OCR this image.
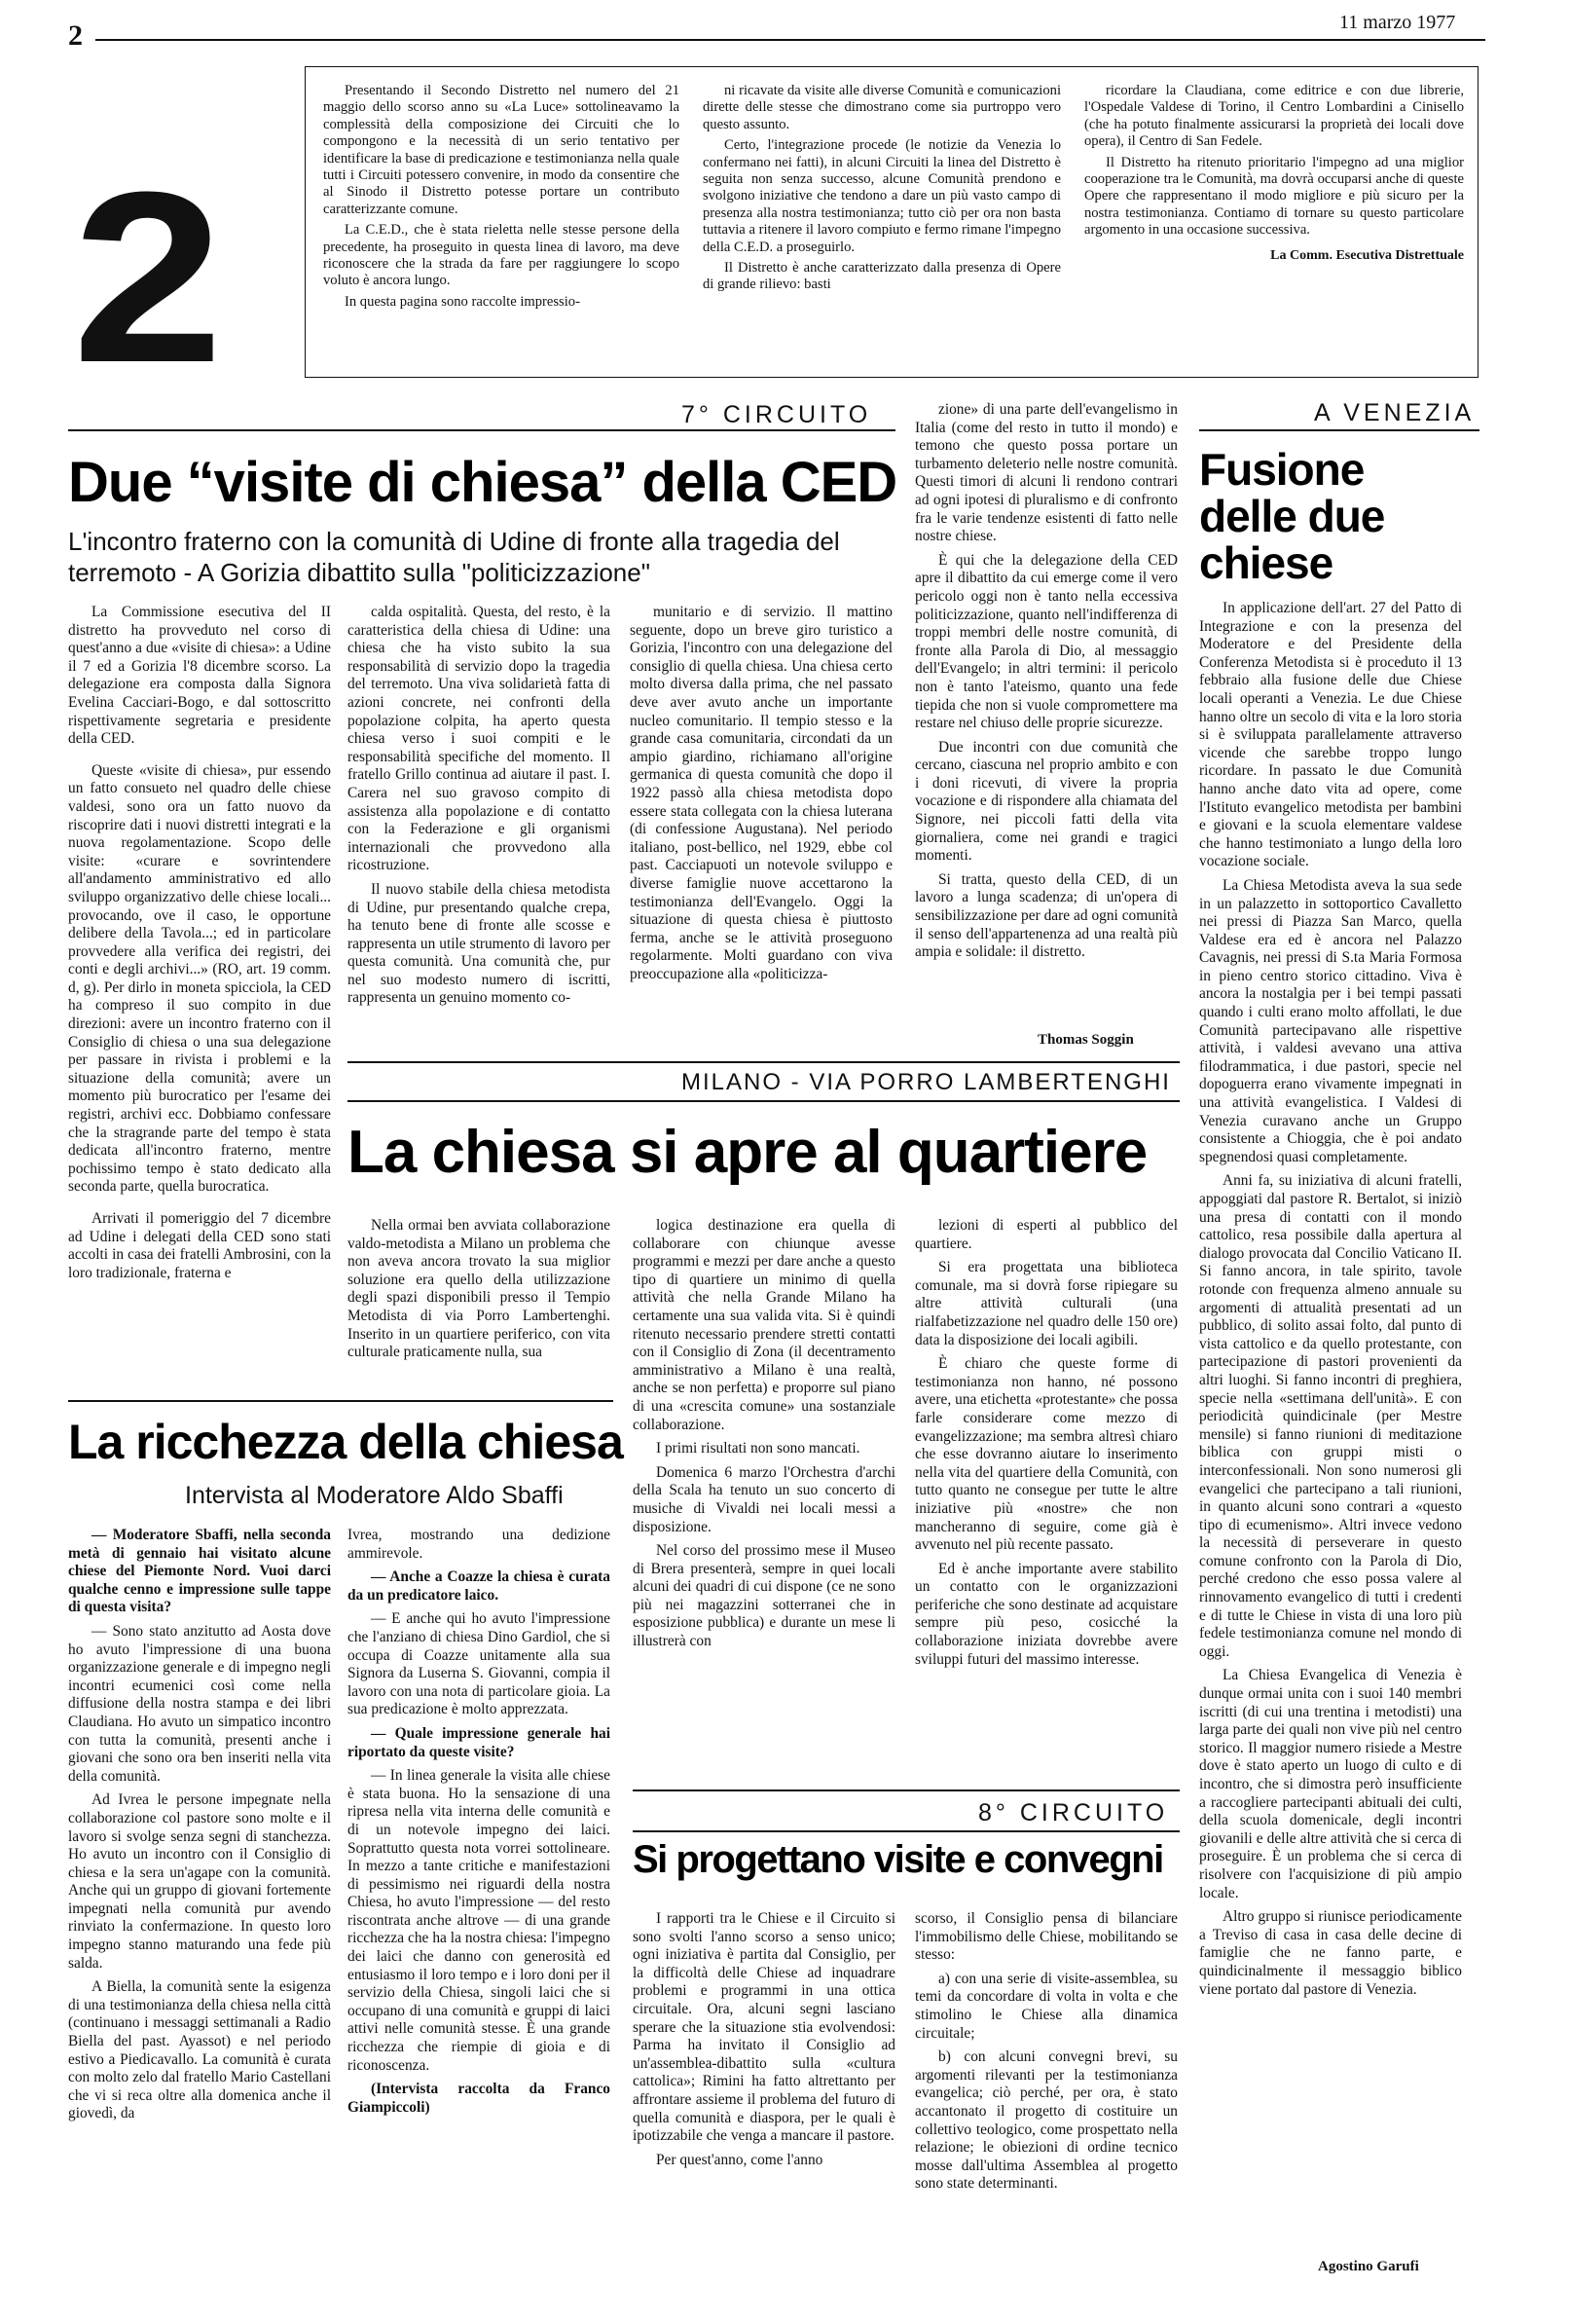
2	11 marzo 1977
2

Presentando il Secondo Distretto nel numero del 21 maggio dello scorso anno su «La Luce» sottolineavamo la complessità della composizione dei Circuiti che lo compongono e la necessità di un serio tentativo per identificare la base di predicazione e testimonianza nella quale tutti i Circuiti potessero convenire, in modo da consentire che al Sinodo il Distretto potesse portare un contributo caratterizzante comune.

La C.E.D., che è stata rieletta nelle stesse persone della precedente, ha proseguito in questa linea di lavoro, ma deve riconoscere che la strada da fare per raggiungere lo scopo voluto è ancora lungo.

In questa pagina sono raccolte impressio-

ni ricavate da visite alle diverse Comunità e comunicazioni dirette delle stesse che dimostrano come sia purtroppo vero questo assunto.

Certo, l'integrazione procede (le notizie da Venezia lo confermano nei fatti), in alcuni Circuiti la linea del Distretto è seguita non senza successo, alcune Comunità prendono e svolgono iniziative che tendono a dare un più vasto campo di presenza alla nostra testimonianza; tutto ciò per ora non basta tuttavia a ritenere il lavoro compiuto e fermo rimane l'impegno della C.E.D. a proseguirlo.

Il Distretto è anche caratterizzato dalla presenza di Opere di grande rilievo: basti

ricordare la Claudiana, come editrice e con due librerie, l'Ospedale Valdese di Torino, il Centro Lombardini a Cinisello (che ha potuto finalmente assicurarsi la proprietà dei locali dove opera), il Centro di San Fedele.

Il Distretto ha ritenuto prioritario l'impegno ad una miglior cooperazione tra le Comunità, ma dovrà occuparsi anche di queste Opere che rappresentano il modo migliore e più sicuro per la nostra testimonianza. Contiamo di tornare su questo particolare argomento in una occasione successiva.

La Comm. Esecutiva Distrettuale
7° CIRCUITO
Due “visite di chiesa” della CED
L'incontro fraterno con la comunità di Udine di fronte alla tragedia del terremoto - A Gorizia dibattito sulla "politicizzazione"

La Commissione esecutiva del II distretto ha provveduto nel corso di quest'anno a due «visite di chiesa»: a Udine il 7 ed a Gorizia l'8 dicembre scorso. La delegazione era composta dalla Signora Evelina Cacciari-Bogo, e dal sottoscritto rispettivamente segretaria e presidente della CED.

Queste «visite di chiesa», pur essendo un fatto consueto nel quadro delle chiese valdesi, sono ora un fatto nuovo da riscoprire dati i nuovi distretti integrati e la nuova regolamentazione. Scopo delle visite: «curare e sovrintendere all'andamento amministrativo ed allo sviluppo organizzativo delle chiese locali... provocando, ove il caso, le opportune delibere della Tavola...; ed in particolare provvedere alla verifica dei registri, dei conti e degli archivi...» (RO, art. 19 comm. d, g). Per dirlo in moneta spicciola, la CED ha compreso il suo compito in due direzioni: avere un incontro fraterno con il Consiglio di chiesa o una sua delegazione per passare in rivista i problemi e la situazione della comunità; avere un momento più burocratico per l'esame dei registri, archivi ecc. Dobbiamo confessare che la stragrande parte del tempo è stata dedicata all'incontro fraterno, mentre pochissimo tempo è stato dedicato alla seconda parte, quella burocratica.

Arrivati il pomeriggio del 7 dicembre ad Udine i delegati della CED sono stati accolti in casa dei fratelli Ambrosini, con la loro tradizionale, fraterna e

calda ospitalità. Questa, del resto, è la caratteristica della chiesa di Udine: una chiesa che ha visto subito la sua responsabilità di servizio dopo la tragedia del terremoto. Una viva solidarietà fatta di azioni concrete, nei confronti della popolazione colpita, ha aperto questa chiesa verso i suoi compiti e le responsabilità specifiche del momento. Il fratello Grillo continua ad aiutare il past. I. Carera nel suo gravoso compito di assistenza alla popolazione e di contatto con la Federazione e gli organismi internazionali che provvedono alla ricostruzione.

Il nuovo stabile della chiesa metodista di Udine, pur presentando qualche crepa, ha tenuto bene di fronte alle scosse e rappresenta un utile strumento di lavoro per questa comunità. Una comunità che, pur nel suo modesto numero di iscritti, rappresenta un genuino momento co-

munitario e di servizio. Il mattino seguente, dopo un breve giro turistico a Gorizia, l'incontro con una delegazione del consiglio di quella chiesa. Una chiesa certo molto diversa dalla prima, che nel passato deve aver avuto anche un importante nucleo comunitario. Il tempio stesso e la grande casa comunitaria, circondati da un ampio giardino, richiamano all'origine germanica di questa comunità che dopo il 1922 passò alla chiesa metodista dopo essere stata collegata con la chiesa luterana (di confessione Augustana). Nel periodo italiano, post-bellico, nel 1929, ebbe col past. Cacciapuoti un notevole sviluppo e diverse famiglie nuove accettarono la testimonianza dell'Evangelo. Oggi la situazione di questa chiesa è piuttosto ferma, anche se le attività proseguono regolarmente. Molti guardano con viva preoccupazione alla «politicizza-

zione» di una parte dell'evangelismo in Italia (come del resto in tutto il mondo) e temono che questo possa portare un turbamento deleterio nelle nostre comunità. Questi timori di alcuni li rendono contrari ad ogni ipotesi di pluralismo e di confronto fra le varie tendenze esistenti di fatto nelle nostre chiese.

È qui che la delegazione della CED apre il dibattito da cui emerge come il vero pericolo oggi non è tanto nella eccessiva politicizzazione, quanto nell'indifferenza di troppi membri delle nostre comunità, di fronte alla Parola di Dio, al messaggio dell'Evangelo; in altri termini: il pericolo non è tanto l'ateismo, quanto una fede tiepida che non si vuole compromettere ma restare nel chiuso delle proprie sicurezze.

Due incontri con due comunità che cercano, ciascuna nel proprio ambito e con i doni ricevuti, di vivere la propria vocazione e di rispondere alla chiamata del Signore, nei piccoli fatti della vita giornaliera, come nei grandi e tragici momenti.

Si tratta, questo della CED, di un lavoro a lunga scadenza; di un'opera di sensibilizzazione per dare ad ogni comunità il senso dell'appartenenza ad una realtà più ampia e solidale: il distretto.

Thomas Soggin
A VENEZIA
Fusione
delle due
chiese

In applicazione dell'art. 27 del Patto di Integrazione e con la presenza del Moderatore e del Presidente della Conferenza Metodista si è proceduto il 13 febbraio alla fusione delle due Chiese locali operanti a Venezia. Le due Chiese hanno oltre un secolo di vita e la loro storia si è sviluppata parallelamente attraverso vicende che sarebbe troppo lungo ricordare. In passato le due Comunità hanno anche dato vita ad opere, come l'Istituto evangelico metodista per bambini e giovani e la scuola elementare valdese che hanno testimoniato a lungo della loro vocazione sociale.

La Chiesa Metodista aveva la sua sede in un palazzetto in sottoportico Cavalletto nei pressi di Piazza San Marco, quella Valdese era ed è ancora nel Palazzo Cavagnis, nei pressi di S.ta Maria Formosa in pieno centro storico cittadino. Viva è ancora la nostalgia per i bei tempi passati quando i culti erano molto affollati, le due Comunità partecipavano alle rispettive attività, i valdesi avevano una attiva filodrammatica, i due pastori, specie nel dopoguerra erano vivamente impegnati in una attività evangelistica. I Valdesi di Venezia curavano anche un Gruppo consistente a Chioggia, che è poi andato spegnendosi quasi completamente.

Anni fa, su iniziativa di alcuni fratelli, appoggiati dal pastore R. Bertalot, si iniziò una presa di contatti con il mondo cattolico, resa possibile dalla apertura al dialogo provocata dal Concilio Vaticano II. Si fanno ancora, in tale spirito, tavole rotonde con frequenza almeno annuale su argomenti di attualità presentati ad un pubblico, di solito assai folto, dal punto di vista cattolico e da quello protestante, con partecipazione di pastori provenienti da altri luoghi. Si fanno incontri di preghiera, specie nella «settimana dell'unità». E con periodicità quindicinale (per Mestre mensile) si fanno riunioni di meditazione biblica con gruppi misti o interconfessionali. Non sono numerosi gli evangelici che partecipano a tali riunioni, in quanto alcuni sono contrari a «questo tipo di ecumenismo». Altri invece vedono la necessità di perseverare in questo comune confronto con la Parola di Dio, perché credono che esso possa valere al rinnovamento evangelico di tutti i credenti e di tutte le Chiese in vista di una loro più fedele testimonianza comune nel mondo di oggi.

La Chiesa Evangelica di Venezia è dunque ormai unita con i suoi 140 membri iscritti (di cui una trentina i metodisti) una larga parte dei quali non vive più nel centro storico. Il maggior numero risiede a Mestre dove è stato aperto un luogo di culto e di incontro, che si dimostra però insufficiente a raccogliere partecipanti abituali dei culti, della scuola domenicale, degli incontri giovanili e delle altre attività che si cerca di proseguire. È un problema che si cerca di risolvere con l'acquisizione di più ampio locale.

Altro gruppo si riunisce periodicamente a Treviso di casa in casa delle decine di famiglie che ne fanno parte, e quindicinalmente il messaggio biblico viene portato dal pastore di Venezia.

Agostino Garufi
MILANO - VIA PORRO LAMBERTENGHI
La chiesa si apre al quartiere

Nella ormai ben avviata collaborazione valdo-metodista a Milano un problema che non aveva ancora trovato la sua miglior soluzione era quello della utilizzazione degli spazi disponibili presso il Tempio Metodista di via Porro Lambertenghi. Inserito in un quartiere periferico, con vita culturale praticamente nulla, sua

logica destinazione era quella di collaborare con chiunque avesse programmi e mezzi per dare anche a questo tipo di quartiere un minimo di quella attività che nella Grande Milano ha certamente una sua valida vita. Si è quindi ritenuto necessario prendere stretti contatti con il Consiglio di Zona (il decentramento amministrativo a Milano è una realtà, anche se non perfetta) e proporre sul piano di una «crescita comune» una sostanziale collaborazione.

I primi risultati non sono mancati.

Domenica 6 marzo l'Orchestra d'archi della Scala ha tenuto un suo concerto di musiche di Vivaldi nei locali messi a disposizione.

Nel corso del prossimo mese il Museo di Brera presenterà, sempre in quei locali alcuni dei quadri di cui dispone (ce ne sono più nei magazzini sotterranei che in esposizione pubblica) e durante un mese li illustrerà con

lezioni di esperti al pubblico del quartiere.

Si era progettata una biblioteca comunale, ma si dovrà forse ripiegare su altre attività culturali (una rialfabetizzazione nel quadro delle 150 ore) data la disposizione dei locali agibili.

È chiaro che queste forme di testimonianza non hanno, né possono avere, una etichetta «protestante» che possa farle considerare come mezzo di evangelizzazione; ma sembra altresì chiaro che esse dovranno aiutare lo inserimento nella vita del quartiere della Comunità, con tutto quanto ne consegue per tutte le altre iniziative più «nostre» che non mancheranno di seguire, come già è avvenuto nel più recente passato.

Ed è anche importante avere stabilito un contatto con le organizzazioni periferiche che sono destinate ad acquistare sempre più peso, cosicché la collaborazione iniziata dovrebbe avere sviluppi futuri del massimo interesse.

La ricchezza della chiesa
Intervista al Moderatore Aldo Sbaffi

— Moderatore Sbaffi, nella seconda metà di gennaio hai visitato alcune chiese del Piemonte Nord. Vuoi darci qualche cenno e impressione sulle tappe di questa visita?

— Sono stato anzitutto ad Aosta dove ho avuto l'impressione di una buona organizzazione generale e di impegno negli incontri ecumenici così come nella diffusione della nostra stampa e dei libri Claudiana. Ho avuto un simpatico incontro con tutta la comunità, presenti anche i giovani che sono ora ben inseriti nella vita della comunità.

Ad Ivrea le persone impegnate nella collaborazione col pastore sono molte e il lavoro si svolge senza segni di stanchezza. Ho avuto un incontro con il Consiglio di chiesa e la sera un'agape con la comunità. Anche qui un gruppo di giovani fortemente impegnati nella comunità pur avendo rinviato la confermazione. In questo loro impegno stanno maturando una fede più salda.

A Biella, la comunità sente la esigenza di una testimonianza della chiesa nella città (continuano i messaggi settimanali a Radio Biella del past. Ayassot) e nel periodo estivo a Piedicavallo. La comunità è curata con molto zelo dal fratello Mario Castellani che vi si reca oltre alla domenica anche il giovedì, da

Ivrea, mostrando una dedizione ammirevole.

— Anche a Coazze la chiesa è curata da un predicatore laico.

— E anche qui ho avuto l'impressione che l'anziano di chiesa Dino Gardiol, che si occupa di Coazze unitamente alla sua Signora da Luserna S. Giovanni, compia il lavoro con una nota di particolare gioia. La sua predicazione è molto apprezzata.

— Quale impressione generale hai riportato da queste visite?

— In linea generale la visita alle chiese è stata buona. Ho la sensazione di una ripresa nella vita interna delle comunità e di un notevole impegno dei laici. Soprattutto questa nota vorrei sottolineare. In mezzo a tante critiche e manifestazioni di pessimismo nei riguardi della nostra Chiesa, ho avuto l'impressione — del resto riscontrata anche altrove — di una grande ricchezza che ha la nostra chiesa: l'impegno dei laici che danno con generosità ed entusiasmo il loro tempo e i loro doni per il servizio della Chiesa, singoli laici che si occupano di una comunità e gruppi di laici attivi nelle comunità stesse. È una grande ricchezza che riempie di gioia e di riconoscenza.

(Intervista raccolta da Franco Giampiccoli)

8° CIRCUITO
Si progettano visite e convegni

I rapporti tra le Chiese e il Circuito si sono svolti l'anno scorso a senso unico; ogni iniziativa è partita dal Consiglio, per la difficoltà delle Chiese ad inquadrare problemi e programmi in una ottica circuitale. Ora, alcuni segni lasciano sperare che la situazione stia evolvendosi: Parma ha invitato il Consiglio ad un'assemblea-dibattito sulla «cultura cattolica»; Rimini ha fatto altrettanto per affrontare assieme il problema del futuro di quella comunità e diaspora, per le quali è ipotizzabile che venga a mancare il pastore.

Per quest'anno, come l'anno

scorso, il Consiglio pensa di bilanciare l'immobilismo delle Chiese, mobilitando se stesso:

a) con una serie di visite-assemblea, su temi da concordare di volta in volta e che stimolino le Chiese alla dinamica circuitale;

b) con alcuni convegni brevi, su argomenti rilevanti per la testimonianza evangelica; ciò perché, per ora, è stato accantonato il progetto di costituire un collettivo teologico, come prospettato nella relazione; le obiezioni di ordine tecnico mosse dall'ultima Assemblea al progetto sono state determinanti.
